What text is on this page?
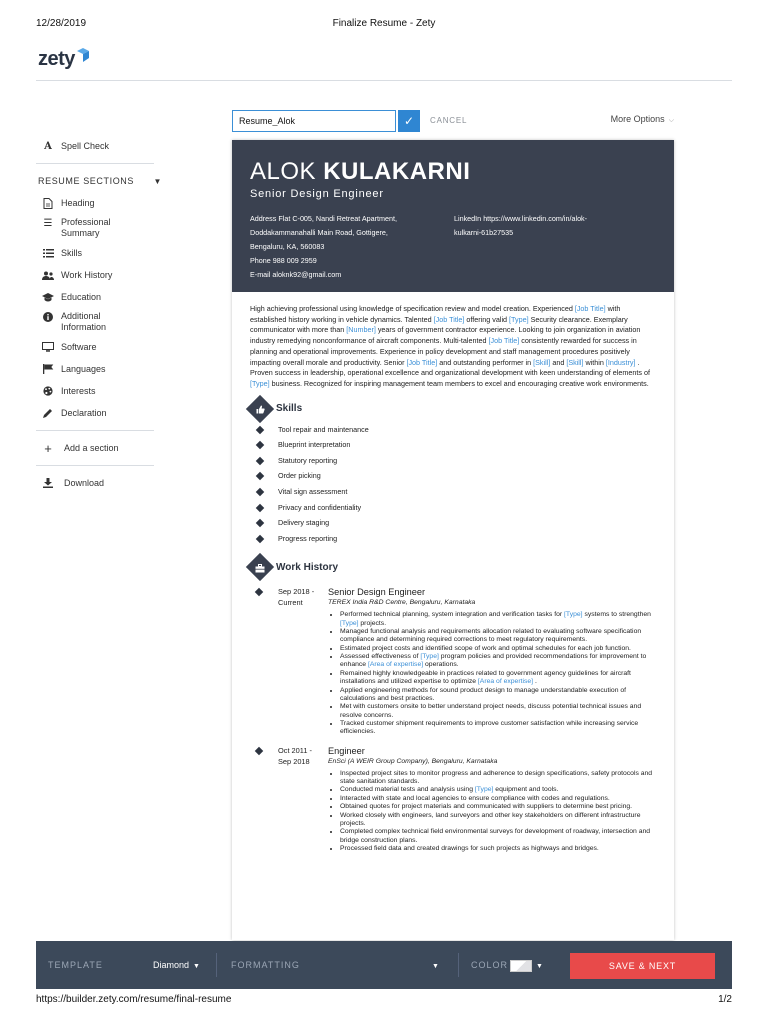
12/28/2019	Finalize Resume - Zety
zety
A Spell Check
RESUME SECTIONS ▼
Heading
☰ Professional Summary
Skills
Work History
Education
Additional Information
Software
Languages
Interests
Declaration
+ Add a section
Download
Resume_Alok
✓ CANCEL	More Options ⌵
ALOK KULAKARNI
Senior Design Engineer
Address Flat C-005, Nandi Retreat Apartment,
Doddakammanahalli Main Road, Gottigere,
Bengaluru, KA, 560083
Phone 988 009 2959
E-mail aloknk92@gmail.com
LinkedIn https://www.linkedin.com/in/alok-
kulkarni-61b27535
High achieving professional using knowledge of specification review and model creation. Experienced [Job Title] with established history working in vehicle dynamics. Talented [Job Title] offering valid [Type] Security clearance. Exemplary communicator with more than [Number] years of government contractor experience. Looking to join organization in aviation industry remedying nonconformance of aircraft components. Multi-talented [Job Title] consistently rewarded for success in planning and operational improvements. Experience in policy development and staff management procedures positively impacting overall morale and productivity. Senior [Job Title] and outstanding performer in [Skill] and [Skill] within [Industry] . Proven success in leadership, operational excellence and organizational development with keen understanding of elements of [Type] business. Recognized for inspiring management team members to excel and encouraging creative work environments.
Skills
Tool repair and maintenance
Blueprint interpretation
Statutory reporting
Order picking
Vital sign assessment
Privacy and confidentiality
Delivery staging
Progress reporting
Work History
Sep 2018 -
Current
Senior Design Engineer
TEREX India R&D Centre, Bengaluru, Karnataka
• Performed technical planning, system integration and verification tasks for [Type] systems to strengthen [Type] projects.
• Managed functional analysis and requirements allocation related to evaluating software specification compliance and determining required corrections to meet regulatory requirements.
• Estimated project costs and identified scope of work and optimal schedules for each job function.
• Assessed effectiveness of [Type] program policies and provided recommendations for improvement to enhance [Area of expertise] operations.
• Remained highly knowledgeable in practices related to government agency guidelines for aircraft installations and utilized expertise to optimize [Area of expertise] .
• Applied engineering methods for sound product design to manage understandable execution of calculations and best practices.
• Met with customers onsite to better understand project needs, discuss potential technical issues and resolve concerns.
• Tracked customer shipment requirements to improve customer satisfaction while increasing service efficiencies.
Oct 2011 -
Sep 2018
Engineer
EnSci (A WEIR Group Company), Bengaluru, Karnataka
• Inspected project sites to monitor progress and adherence to design specifications, safety protocols and state sanitation standards.
• Conducted material tests and analysis using [Type] equipment and tools.
• Interacted with state and local agencies to ensure compliance with codes and regulations.
• Obtained quotes for project materials and communicated with suppliers to determine best pricing.
• Worked closely with engineers, land surveyors and other key stakeholders on different infrastructure projects.
• Completed complex technical field environmental surveys for development of roadway, intersection and bridge construction plans.
• Processed field data and created drawings for such projects as highways and bridges.
TEMPLATE	Diamond ▼	FORMATTING	▼	COLOR	▼	SAVE & NEXT
https://builder.zety.com/resume/final-resume	1/2
